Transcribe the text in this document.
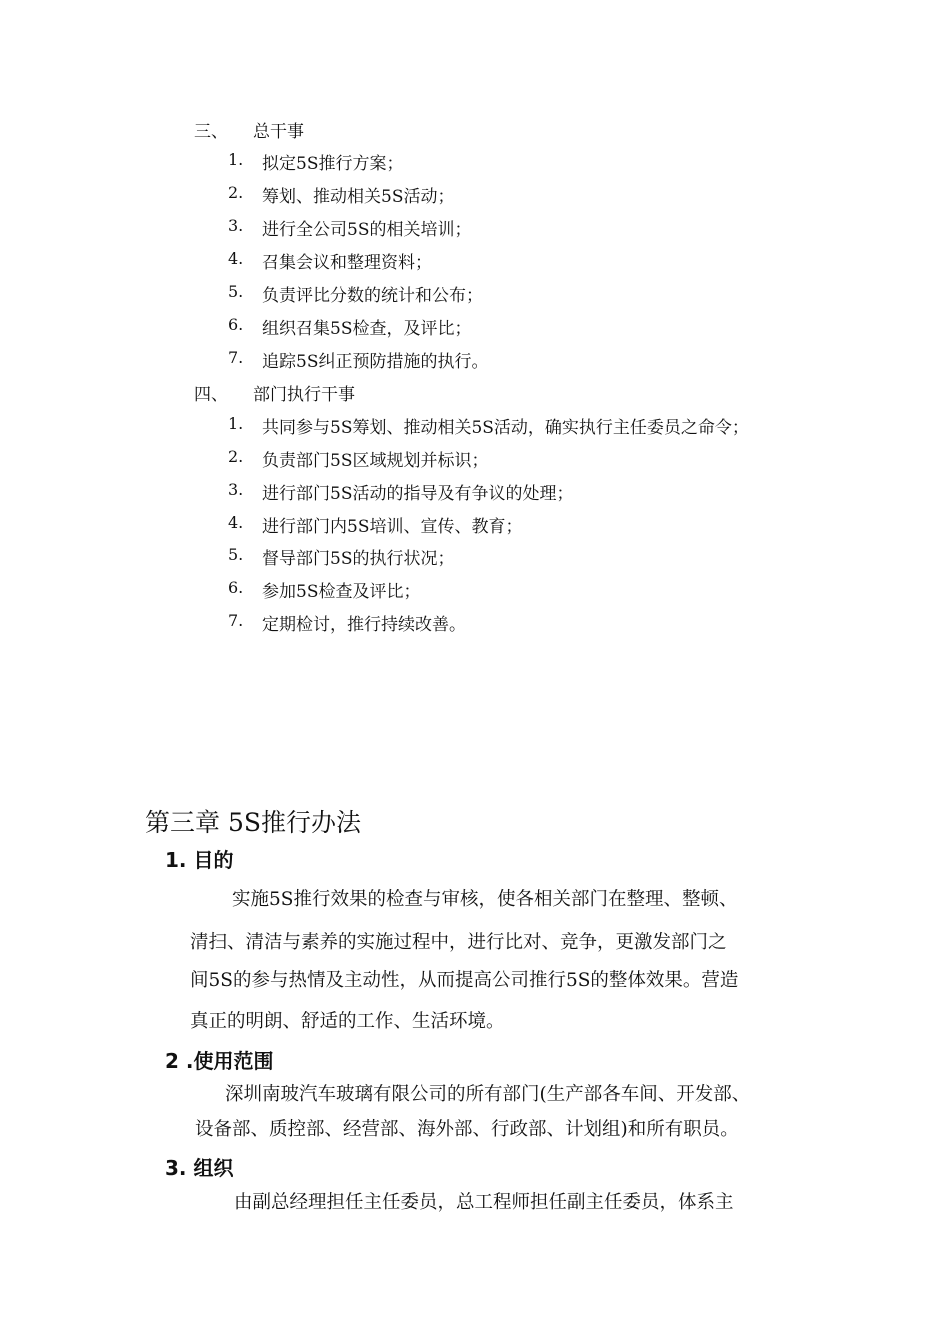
三、 总干事
1. 拟定5S推行方案；
2. 筹划、推动相关5S活动；
3. 进行全公司5S的相关培训；
4. 召集会议和整理资料；
5. 负责评比分数的统计和公布；
6. 组织召集5S检查，及评比；
7. 追踪5S纠正预防措施的执行。
四、 部门执行干事
1. 共同参与5S筹划、推动相关5S活动，确实执行主任委员之命令；
2. 负责部门5S区域规划并标识；
3. 进行部门5S活动的指导及有争议的处理；
4. 进行部门内5S培训、宣传、教育；
5. 督导部门5S的执行状况；
6. 参加5S检查及评比；
7. 定期检讨，推行持续改善。
第三章 5S推行办法
1. 目的
实施5S推行效果的检查与审核，使各相关部门在整理、整顿、
清扫、清洁与素养的实施过程中，进行比对、竞争，更激发部门之
间5S的参与热情及主动性，从而提高公司推行5S的整体效果。营造
真正的明朗、舒适的工作、生活环境。
2 .使用范围
深圳南玻汽车玻璃有限公司的所有部门(生产部各车间、开发部、
设备部、质控部、经营部、海外部、行政部、计划组)和所有职员。
3. 组织
由副总经理担任主任委员，总工程师担任副主任委员，体系主
